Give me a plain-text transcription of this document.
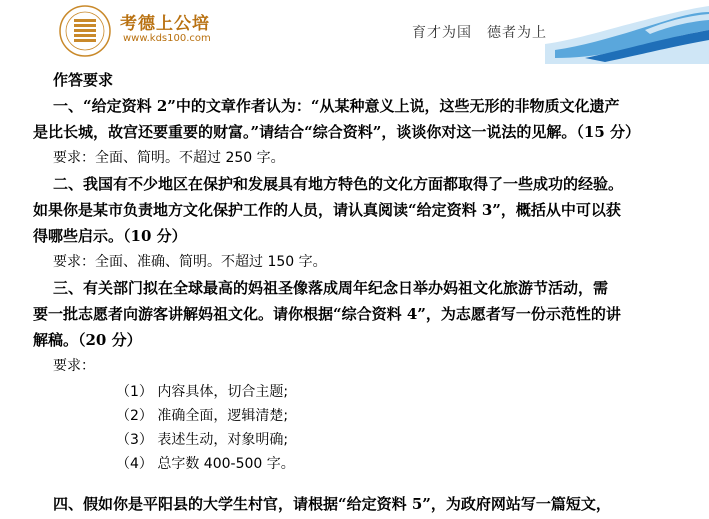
考德上公培
www.kds100.com	育才为国　德者为上
作答要求
一、“给定资料 2”中的文章作者认为：“从某种意义上说，这些无形的非物质文化遗产
是比长城，故宫还要重要的财富。”请结合“综合资料”，谈谈你对这一说法的见解。（15 分）
要求：全面、简明。不超过 250 字。
二、我国有不少地区在保护和发展具有地方特色的文化方面都取得了一些成功的经验。
如果你是某市负责地方文化保护工作的人员，请认真阅读“给定资料 3”，概括从中可以获
得哪些启示。（10 分）
要求：全面、准确、简明。不超过 150 字。
三、有关部门拟在全球最高的妈祖圣像落成周年纪念日举办妈祖文化旅游节活动，需
要一批志愿者向游客讲解妈祖文化。请你根据“综合资料 4”，为志愿者写一份示范性的讲
解稿。（20 分）
要求：
（1） 内容具体，切合主题;
（2） 准确全面，逻辑清楚;
（3） 表述生动，对象明确;
（4） 总字数 400-500 字。
四、假如你是平阳县的大学生村官，请根据“给定资料 5”，为政府网站写一篇短文，
